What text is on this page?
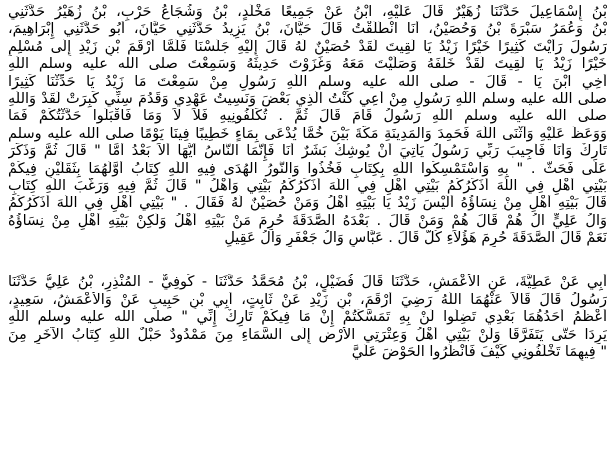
بْنُ إِسْمَاعِيلَ حَدَّثَنَا زُهَيْرٌ قَالَ عَلَيْهِ، ابْنُ عَنْ جَمِيعًا مَخْلَدٍ، بْنُ وَشُجَاعُ حَرْبٍ، بْنُ زُهَيْرُ حَدَّثَنِي
بْنُ وَعُمَرُ سَبْرَةَ بْنُ وَحُصَيْنُ، أَنَا انْطَلَقْتُ قَالَ حَيَّانَ، بْنُ يَزِيدُ حَدَّثَنِي حَيَّانَ، أَبُو حَدَّثَنِي إِبْرَاهِيمَ،
رَسُولَ رَأَيْتَ كَثِيرًا خَيْرًا زَيْدُ يَا لَقِيتَ لَقَدْ حُصَيْنٌ لَهُ قَالَ إِلَيْهِ جَلَسْنَا فَلَمَّا أَرْقَمَ بْنِ زَيْدِ إِلَى مُسْلِمٍ
خَيْرًا زَيْدُ يَا لَقِيتَ لَقَدْ خَلْفَهُ وَصَلَّيْتَ مَعَهُ وَغَزَوْتَ حَدِيثَهُ وَسَمِعْتَ صلى الله عليه وسلم اللَّهِ
أَخِي ابْنَ يَا - قَالَ - صلى الله عليه وسلم اللَّهِ رَسُولِ مِنْ سَمِعْتَ مَا زَيْدُ يَا حَدِّثْنَا كَثِيرًا
صلى الله عليه وسلم اللَّهِ رَسُولِ مِنْ أَعِي كُنْتُ الَّذِي بَعْضَ وَنَسِيتُ عَهْدِي وَقَدُمَ سِنِّي كَبِرَتْ لَقَدْ وَاللَّهِ
صلى الله عليه وسلم اللَّهِ رَسُولُ قَامَ قَالَ ثُمَّ . تُكَلِّفُونِيهِ فَلاَ لاَ وَمَا فَاقْبَلُوا حَدَّثْتُكُمْ فَمَا
وَوَعَظَ عَلَيْهِ وَأَثْنَى اللَّهَ فَحَمِدَ وَالْمَدِينَةِ مَكَّةَ بَيْنَ خُمًّا يُدْعَى بِمَاءٍ خَطِيبًا فِينَا يَوْمًا صلى الله عليه وسلم
تَارِكٌ وَأَنَا فَأُجِيبَ رَبِّي رَسُولُ يَأْتِيَ أَنْ يُوشِكُ بَشَرٌ أَنَا فَإِنَّمَا النَّاسُ أَيُّهَا أَلاَ بَعْدُ أَمَّا " قَالَ ثُمَّ وَذَكَّرَ
عَلَى فَحَثَّ . " بِهِ وَاسْتَمْسِكُوا اللَّهِ بِكِتَابِ فَخُذُوا وَالنُّورُ الْهُدَى فِيهِ اللَّهِ كِتَابُ أَوَّلُهُمَا بِثَقَلَيْنِ فِيكُمْ
بَيْتِي أَهْلِ فِي اللَّهَ أُذَكِّرُكُمُ بَيْتِي أَهْلِ فِي اللَّهَ أُذَكِّرُكُمُ بَيْتِي وَأَهْلُ " قَالَ ثُمَّ فِيهِ وَرَغَّبَ اللَّهِ كِتَابِ
قَالَ بَيْتِهِ أَهْلِ مِنْ نِسَاؤُهُ أَلَيْسَ زَيْدُ يَا بَيْتِهِ أَهْلُ وَمَنْ حُصَيْنٌ لَهُ فَقَالَ . " بَيْتِي أَهْلِ فِي اللَّهَ أُذَكِّرُكُمُ
وَآلُ عَلِيٍّ آلُ هُمْ قَالَ هُمْ وَمَنْ قَالَ . بَعْدَهُ الصَّدَقَةَ حُرِمَ مَنْ بَيْتِهِ أَهْلُ وَلَكِنْ بَيْتِهِ أَهْلِ مِنْ نِسَاؤُهُ
نَعَمْ قَالَ الصَّدَقَةَ حُرِمَ هَؤُلاَءِ كُلُّ قَالَ . عَبَّاسٍ وَآلُ جَعْفَرٍ وَآلُ عَقِيلٍ
أَبِي عَنْ عَطِيَّةَ، عَنِ الأَعْمَشِ، حَدَّثَنَا قَالَ فُضَيْلٍ، بْنُ مُحَمَّدُ حَدَّثَنَا - كُوفِيٌّ - الْمُنْذِرِ، بْنُ عَلِيُّ حَدَّثَنَا
رَسُولُ قَالَ قَالاَ عَنْهُمَا اللَّهُ رَضِيَ أَرْقَمَ، بْنِ زَيْدِ عَنْ ثَابِتٍ، أَبِي بْنِ حَبِيبِ عَنْ وَالأَعْمَشُ، سَعِيدٍ،
أَعْظَمُ أَحَدُهُمَا بَعْدِي تَضِلُّوا لَنْ بِهِ تَمَسَّكْتُمْ إِنْ مَا فِيكُمْ تَارِكٌ إِنِّي " صلى الله عليه وسلم اللَّهِ
يَرِدَا حَتَّى يَتَفَرَّقَا وَلَنْ بَيْتِي أَهْلُ وَعِتْرَتِي الأَرْضِ إِلَى السَّمَاءِ مِنَ مَمْدُودٌ حَبْلٌ اللَّهِ كِتَابُ الآخَرِ مِنَ
" فِيهِمَا تَخْلُفُونِي كَيْفَ فَانْظُرُوا الْحَوْضَ عَلَيَّ
